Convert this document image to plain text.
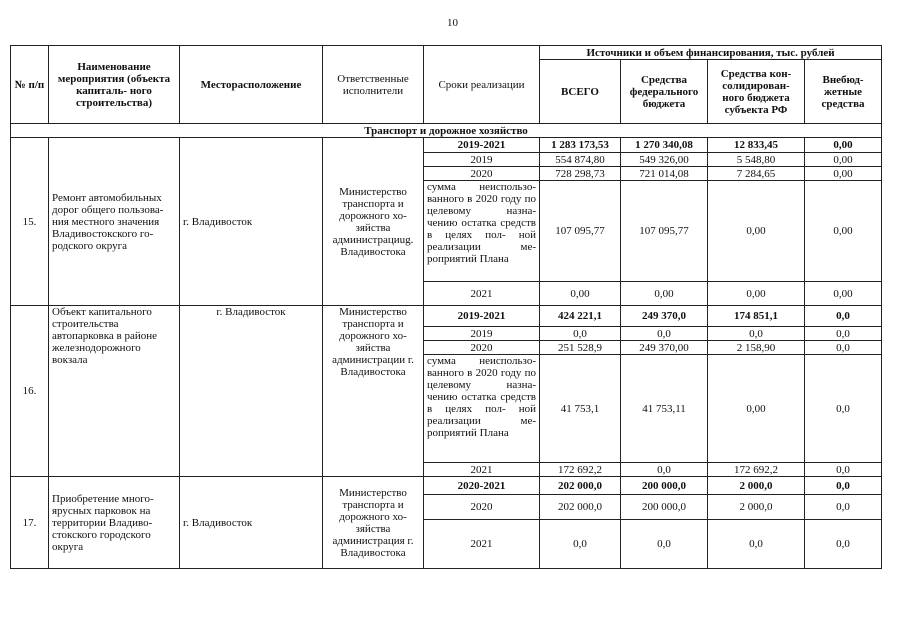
10
№ п/п	Наименование мероприятия (объекта капиталь- ного строительства)	Месторасположение	Ответственные исполнители	Сроки реализации	Источники и объем финансирования, тыс. рублей			
					ВСЕГО	Средства федерального бюджета	Средства кон- солидирован- ного бюджета субъекта РФ	Внебюд- жетные средства
Транспорт и дорожное хозяйство								
15.	Ремонт автомобильных дорог общего пользова- ния местного значения Владивостокского го- родского округа	г. Владивосток	Министерство транспорта и дорожного хо- зяйства администрациug. Владивостока	2019-2021	1 283 173,53	1 270 340,08	12 833,45	0,00
				2019	554 874,80	549 326,00	5 548,80	0,00
				2020	728 298,73	721 014,08	7 284,65	0,00
				сумма неиспользо- ванного в 2020 году по целевому назна- чению остатка средств в целях пол- ной реализации ме- роприятий Плана	107 095,77	107 095,77	0,00	0,00
				2021	0,00	0,00	0,00	0,00
16.	Объект капитального строительства автопарковка в районе железнодорожного вокзала	г. Владивосток	Министерство транспорта и дорожного хо- зяйства администрации г. Владивостока	2019-2021	424 221,1	249 370,0	174 851,1	0,0
				2019	0,0	0,0	0,0	0,0
				2020	251 528,9	249 370,00	2 158,90	0,0
				сумма неиспользо- ванного в 2020 году по целевому назна- чению остатка средств в целях пол- ной реализации ме- роприятий Плана	41 753,1	41 753,11	0,00	0,0
				2021	172 692,2	0,0	172 692,2	0,0
17.	Приобретение много- ярусных парковок на территории Владиво- стокского городского округа	г. Владивосток	Министерство транспорта и дорожного хо- зяйства администрация г. Владивостока	2020-2021	202 000,0	200 000,0	2 000,0	0,0
				2020	202 000,0	200 000,0	2 000,0	0,0
				2021	0,0	0,0	0,0	0,0
